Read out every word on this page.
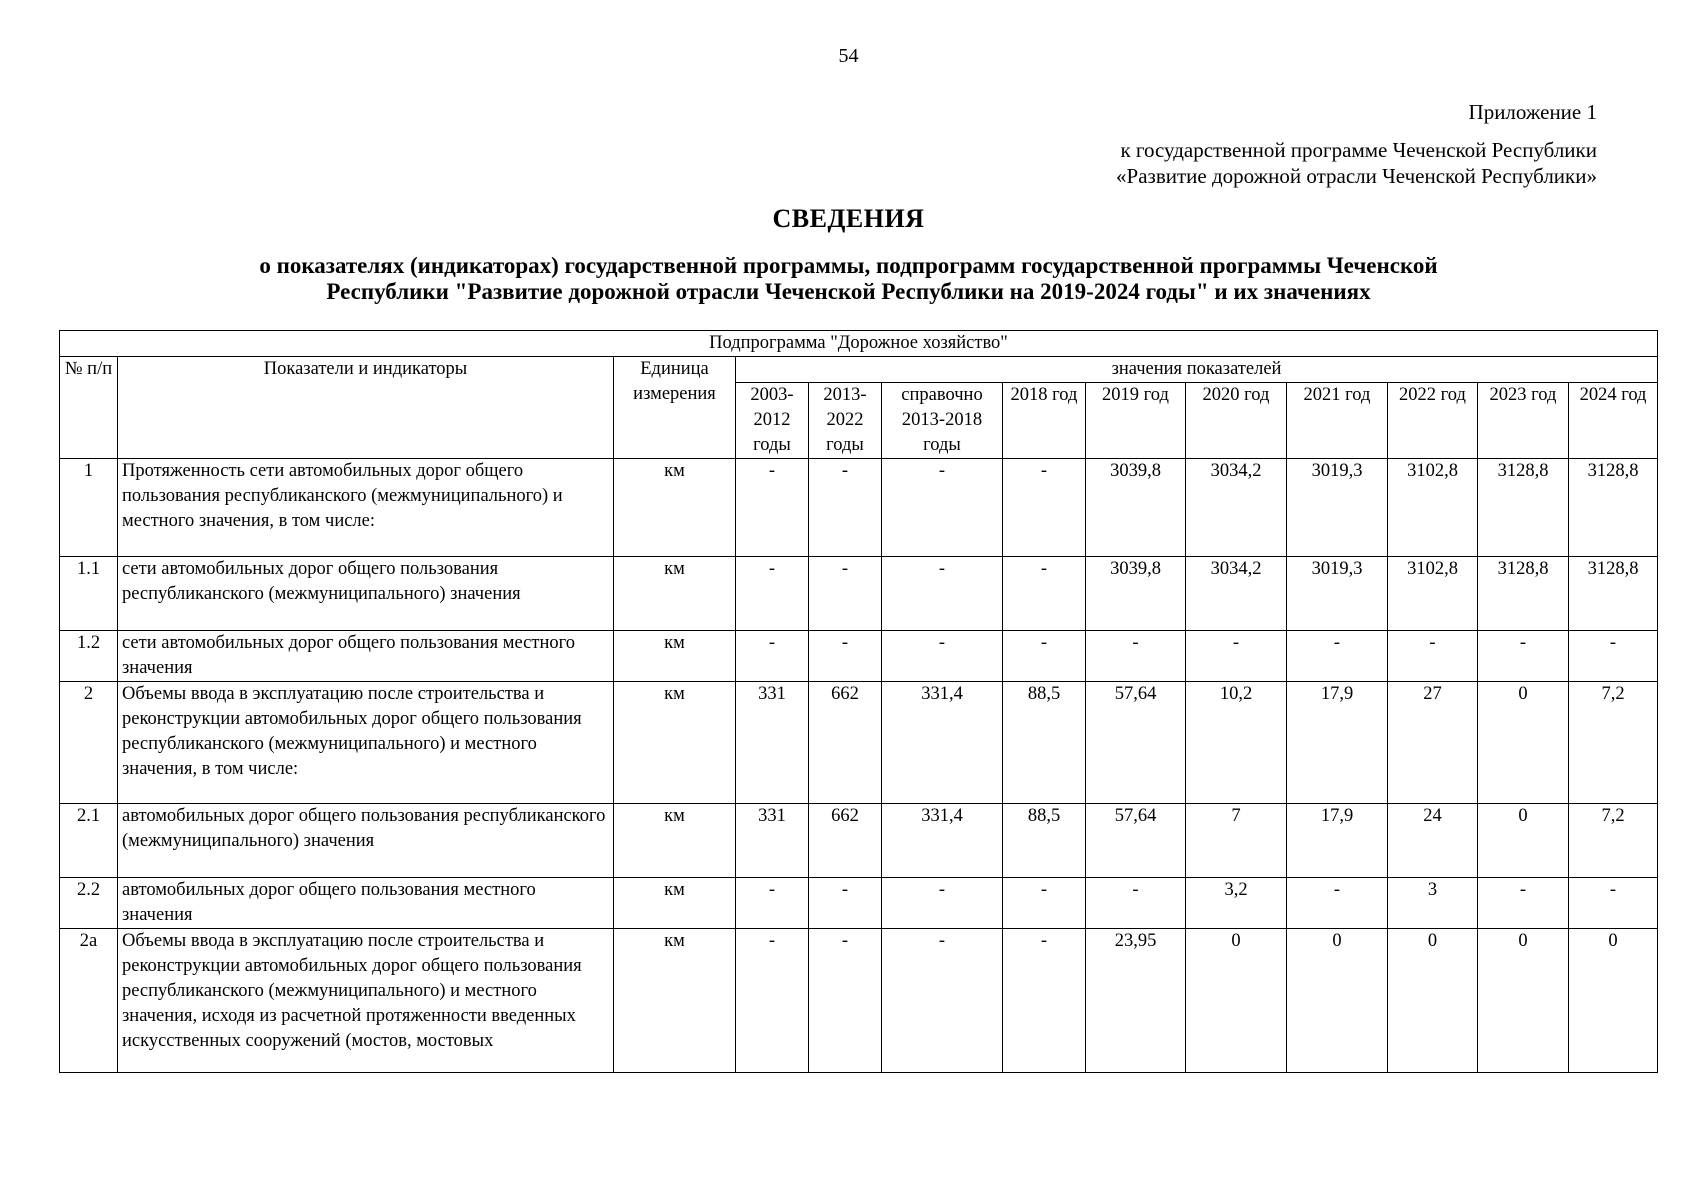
54
Приложение 1
к государственной программе Чеченской Республики
«Развитие дорожной отрасли Чеченской Республики»
СВЕДЕНИЯ
о показателях (индикаторах) государственной программы, подпрограмм государственной программы Чеченской
Республики "Развитие дорожной отрасли Чеченской Республики на 2019-2024 годы" и их значениях
Подпрограмма "Дорожное хозяйство"												
№ п/п	Показатели и индикаторы	Единица измерения	значения показателей									
			2003-2012 годы	2013-2022 годы	справочно 2013-2018 годы	2018 год	2019 год	2020 год	2021 год	2022 год	2023 год	2024 год
1	Протяженность сети автомобильных дорог общего пользования республиканского (межмуниципального) и местного значения, в том числе:	км	-	-	-	-	3039,8	3034,2	3019,3	3102,8	3128,8	3128,8
1.1	сети автомобильных дорог общего пользования республиканского (межмуниципального) значения	км	-	-	-	-	3039,8	3034,2	3019,3	3102,8	3128,8	3128,8
1.2	сети автомобильных дорог общего пользования местного значения	км	-	-	-	-	-	-	-	-	-	-
2	Объемы ввода в эксплуатацию после строительства и реконструкции автомобильных дорог общего пользования республиканского (межмуниципального) и местного значения, в том числе:	км	331	662	331,4	88,5	57,64	10,2	17,9	27	0	7,2
2.1	автомобильных дорог общего пользования республиканского (межмуниципального) значения	км	331	662	331,4	88,5	57,64	7	17,9	24	0	7,2
2.2	автомобильных дорог общего пользования местного значения	км	-	-	-	-	-	3,2	-	3	-	-
2а	Объемы ввода в эксплуатацию после строительства и реконструкции автомобильных дорог общего пользования республиканского (межмуниципального) и местного значения, исходя из расчетной протяженности введенных искусственных сооружений (мостов, мостовых	км	-	-	-	-	23,95	0	0	0	0	0
